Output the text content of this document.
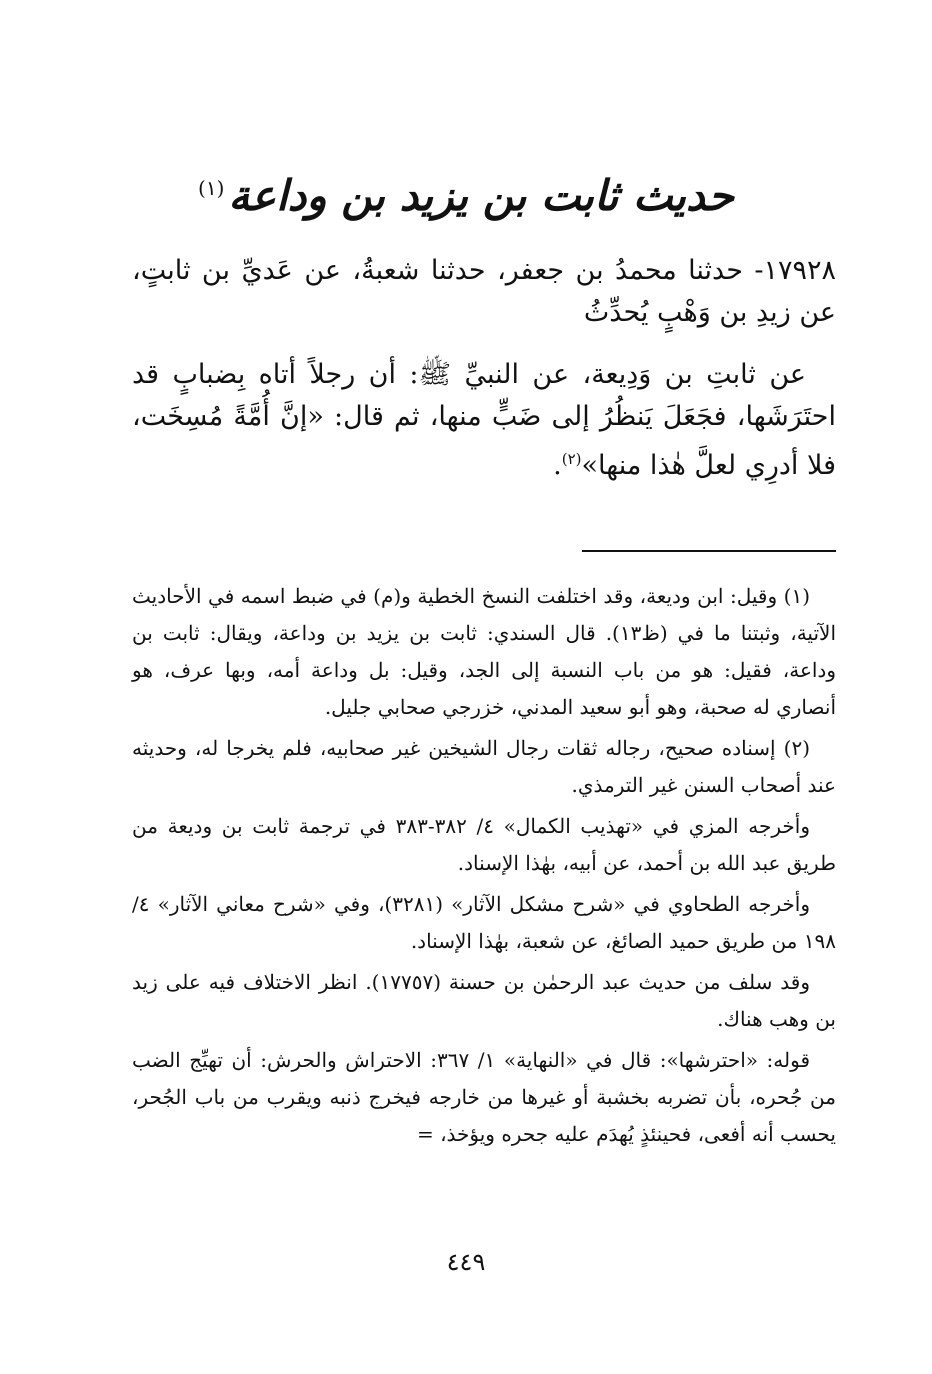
حديث ثابت بن يزيد بن وداعة$^{(١)}$
١٧٩٢٨- حدثنا محمدُ بن جعفر، حدثنا شعبةُ، عن عَديِّ بن ثابتٍ، عن زيدِ بن وَهْبٍ يُحدِّثُ
عن ثابتِ بن وَدِيعة، عن النبيِّ ﷺ: أن رجلاً أتاه بِضبابٍ قد احتَرَشَها، فجَعَلَ يَنظُرُ إلى ضَبٍّ منها، ثم قال: «إنَّ أُمَّةً مُسِخَت، فلا أدرِي لعلَّ هٰذا منها»$^{(٢)}$.

(١) وقيل: ابن وديعة، وقد اختلفت النسخ الخطية و(م) في ضبط اسمه في الأحاديث الآتية، وثبتنا ما في (ظ١٣). قال السندي: ثابت بن يزيد بن وداعة، ويقال: ثابت بن وداعة، فقيل: هو من باب النسبة إلى الجد، وقيل: بل وداعة أمه، وبها عرف، هو أنصاري له صحبة، وهو أبو سعيد المدني، خزرجي صحابي جليل.

(٢) إسناده صحيح، رجاله ثقات رجال الشيخين غير صحابيه، فلم يخرجا له، وحديثه عند أصحاب السنن غير الترمذي.

وأخرجه المزي في «تهذيب الكمال» ٤/ ٣٨٢-٣٨٣ في ترجمة ثابت بن وديعة من طريق عبد الله بن أحمد، عن أبيه، بهٰذا الإسناد.

وأخرجه الطحاوي في «شرح مشكل الآثار» (٣٢٨١)، وفي «شرح معاني الآثار» ٤/ ١٩٨ من طريق حميد الصائغ، عن شعبة، بهٰذا الإسناد.

وقد سلف من حديث عبد الرحمٰن بن حسنة (١٧٧٥٧). انظر الاختلاف فيه على زيد بن وهب هناك.

قوله: «احترشها»: قال في «النهاية» ١/ ٣٦٧: الاحتراش والحرش: أن تهيِّج الضب من جُحره، بأن تضربه بخشبة أو غيرها من خارجه فيخرج ذنبه ويقرب من باب الجُحر، يحسب أنه أفعى، فحينئذٍ يُهدَم عليه جحره ويؤخذ، =

٤٤٩
